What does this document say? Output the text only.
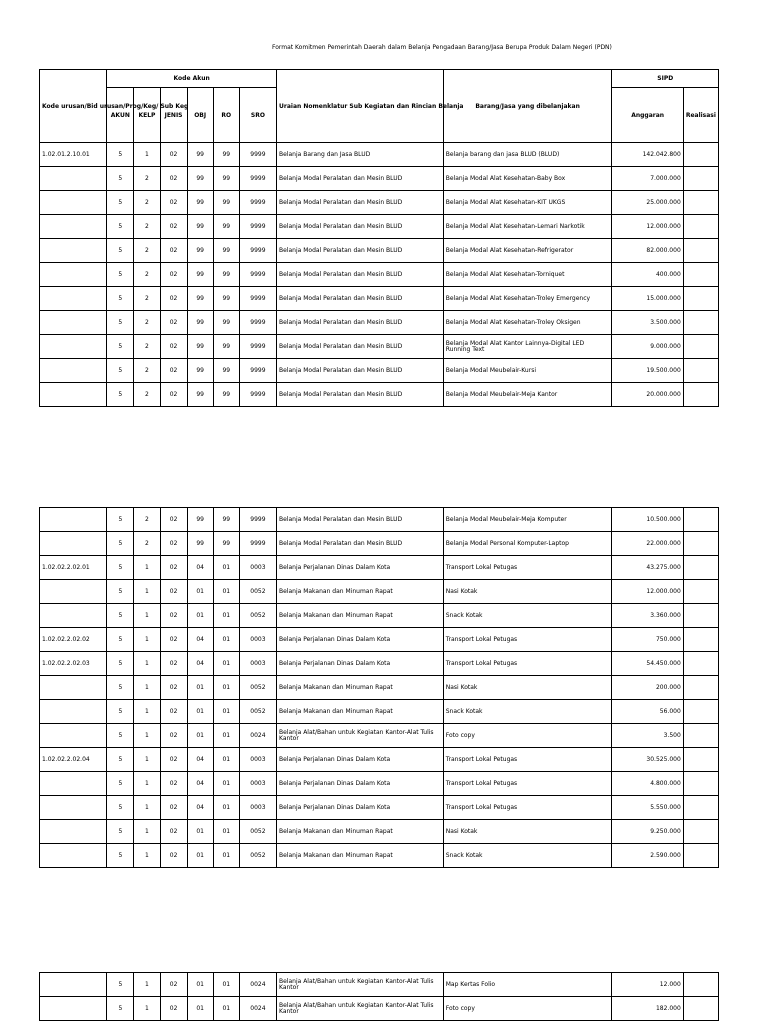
Format Komitmen Pemerintah Daerah dalam Belanja Pengadaan Barang/Jasa Berupa Produk Dalam Negeri (PDN)
Kode urusan/Bid urusan/Prog/Keg/ Sub Keg	Kode Akun						Uraian Nomenklatur Sub Kegiatan dan Rincian Belanja	Barang/Jasa yang dibelanjakan	SIPD	
	AKUN	KELP	JENIS	OBJ	RO	SRO			Anggaran	Realisasi
1.02.01.2.10.01	5	1	02	99	99	9999	Belanja Barang dan Jasa BLUD	Belanja barang dan jasa BLUD (BLUD)	142.042.800	
	5	2	02	99	99	9999	Belanja Modal Peralatan dan Mesin BLUD	Belanja Modal Alat Kesehatan-Baby Box	7.000.000	
	5	2	02	99	99	9999	Belanja Modal Peralatan dan Mesin BLUD	Belanja Modal Alat Kesehatan-KIT UKGS	25.000.000	
	5	2	02	99	99	9999	Belanja Modal Peralatan dan Mesin BLUD	Belanja Modal Alat Kesehatan-Lemari Narkotik	12.000.000	
	5	2	02	99	99	9999	Belanja Modal Peralatan dan Mesin BLUD	Belanja Modal Alat Kesehatan-Refrigerator	82.000.000	
	5	2	02	99	99	9999	Belanja Modal Peralatan dan Mesin BLUD	Belanja Modal Alat Kesehatan-Torniquet	400.000	
	5	2	02	99	99	9999	Belanja Modal Peralatan dan Mesin BLUD	Belanja Modal Alat Kesehatan-Troley Emergency	15.000.000	
	5	2	02	99	99	9999	Belanja Modal Peralatan dan Mesin BLUD	Belanja Modal Alat Kesehatan-Troley Oksigen	3.500.000	
	5	2	02	99	99	9999	Belanja Modal Peralatan dan Mesin BLUD	Belanja Modal Alat Kantor Lainnya-Digital LED Running Text	9.000.000	
	5	2	02	99	99	9999	Belanja Modal Peralatan dan Mesin BLUD	Belanja Modal Meubelair-Kursi	19.500.000	
	5	2	02	99	99	9999	Belanja Modal Peralatan dan Mesin BLUD	Belanja Modal Meubelair-Meja Kantor	20.000.000	
	5	2	02	99	99	9999	Belanja Modal Peralatan dan Mesin BLUD	Belanja Modal Meubelair-Meja Komputer	10.500.000	
	5	2	02	99	99	9999	Belanja Modal Peralatan dan Mesin BLUD	Belanja Modal Personal Komputer-Laptop	22.000.000	
1.02.02.2.02.01	5	1	02	04	01	0003	Belanja Perjalanan Dinas Dalam Kota	Transport Lokal Petugas	43.275.000	
	5	1	02	01	01	0052	Belanja Makanan dan Minuman Rapat	Nasi Kotak	12.000.000	
	5	1	02	01	01	0052	Belanja Makanan dan Minuman Rapat	Snack Kotak	3.360.000	
1.02.02.2.02.02	5	1	02	04	01	0003	Belanja Perjalanan Dinas Dalam Kota	Transport Lokal Petugas	750.000	
1.02.02.2.02.03	5	1	02	04	01	0003	Belanja Perjalanan Dinas Dalam Kota	Transport Lokal Petugas	54.450.000	
	5	1	02	01	01	0052	Belanja Makanan dan Minuman Rapat	Nasi Kotak	200.000	
	5	1	02	01	01	0052	Belanja Makanan dan Minuman Rapat	Snack Kotak	56.000	
	5	1	02	01	01	0024	Belanja Alat/Bahan untuk Kegiatan Kantor-Alat Tulis Kantor	Foto copy	3.500	
1.02.02.2.02.04	5	1	02	04	01	0003	Belanja Perjalanan Dinas Dalam Kota	Transport Lokal Petugas	30.525.000	
	5	1	02	04	01	0003	Belanja Perjalanan Dinas Dalam Kota	Transport Lokal Petugas	4.800.000	
	5	1	02	04	01	0003	Belanja Perjalanan Dinas Dalam Kota	Transport Lokal Petugas	5.550.000	
	5	1	02	01	01	0052	Belanja Makanan dan Minuman Rapat	Nasi Kotak	9.250.000	
	5	1	02	01	01	0052	Belanja Makanan dan Minuman Rapat	Snack Kotak	2.590.000	
	5	1	02	01	01	0024	Belanja Alat/Bahan untuk Kegiatan Kantor-Alat Tulis Kantor	Map Kertas Folio	12.000	
	5	1	02	01	01	0024	Belanja Alat/Bahan untuk Kegiatan Kantor-Alat Tulis Kantor	Foto copy	182.000	
